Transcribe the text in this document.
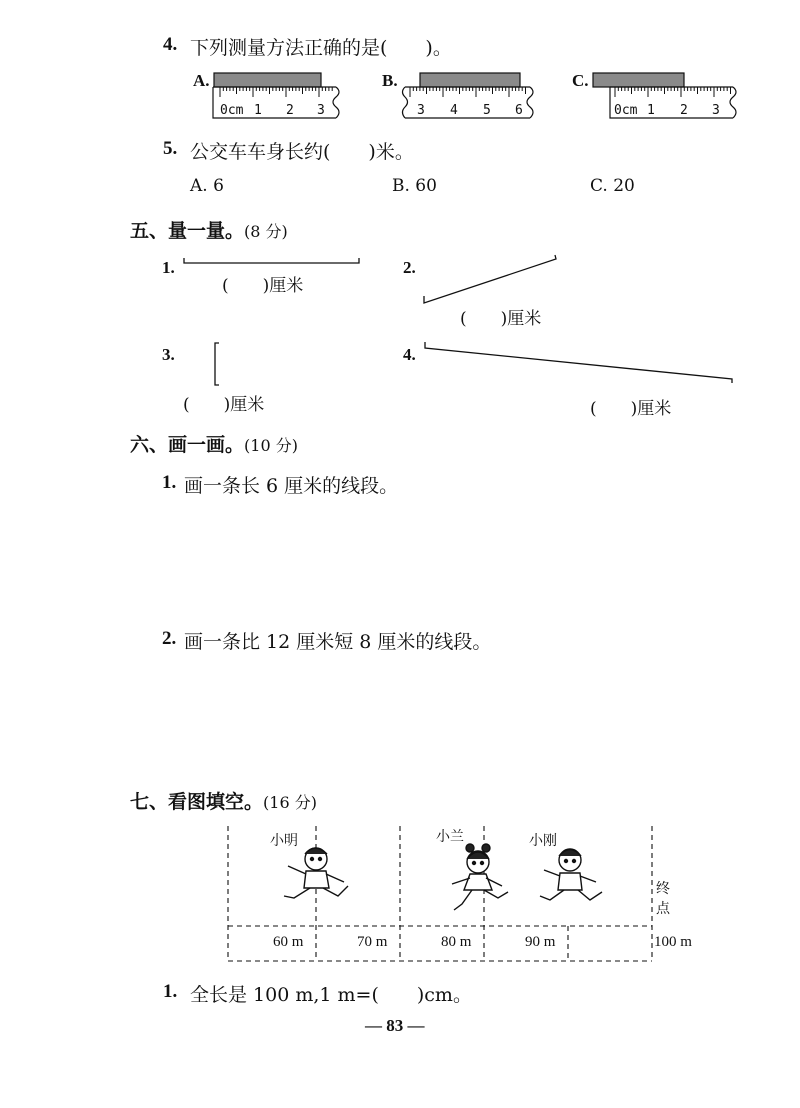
4. 下列测量方法正确的是(　　)。
A.
0cm 1 2 3
B.
3 4 5 6
C.
0cm 1 2 3
5. 公交车车身长约(　　)米。
A. 6	B. 60	C. 20
五、量一量。(8 分)
1.
(　　)厘米
2.
(　　)厘米
3.
(　　)厘米
4.
(　　)厘米
六、画一画。(10 分)
1. 画一条长 6 厘米的线段。
2. 画一条比 12 厘米短 8 厘米的线段。
七、看图填空。(16 分)
小明	小兰	小刚
终
点
60 m	70 m	80 m	90 m	100 m
1. 全长是 100 m,1 m=(　　)cm。
— 83 —
